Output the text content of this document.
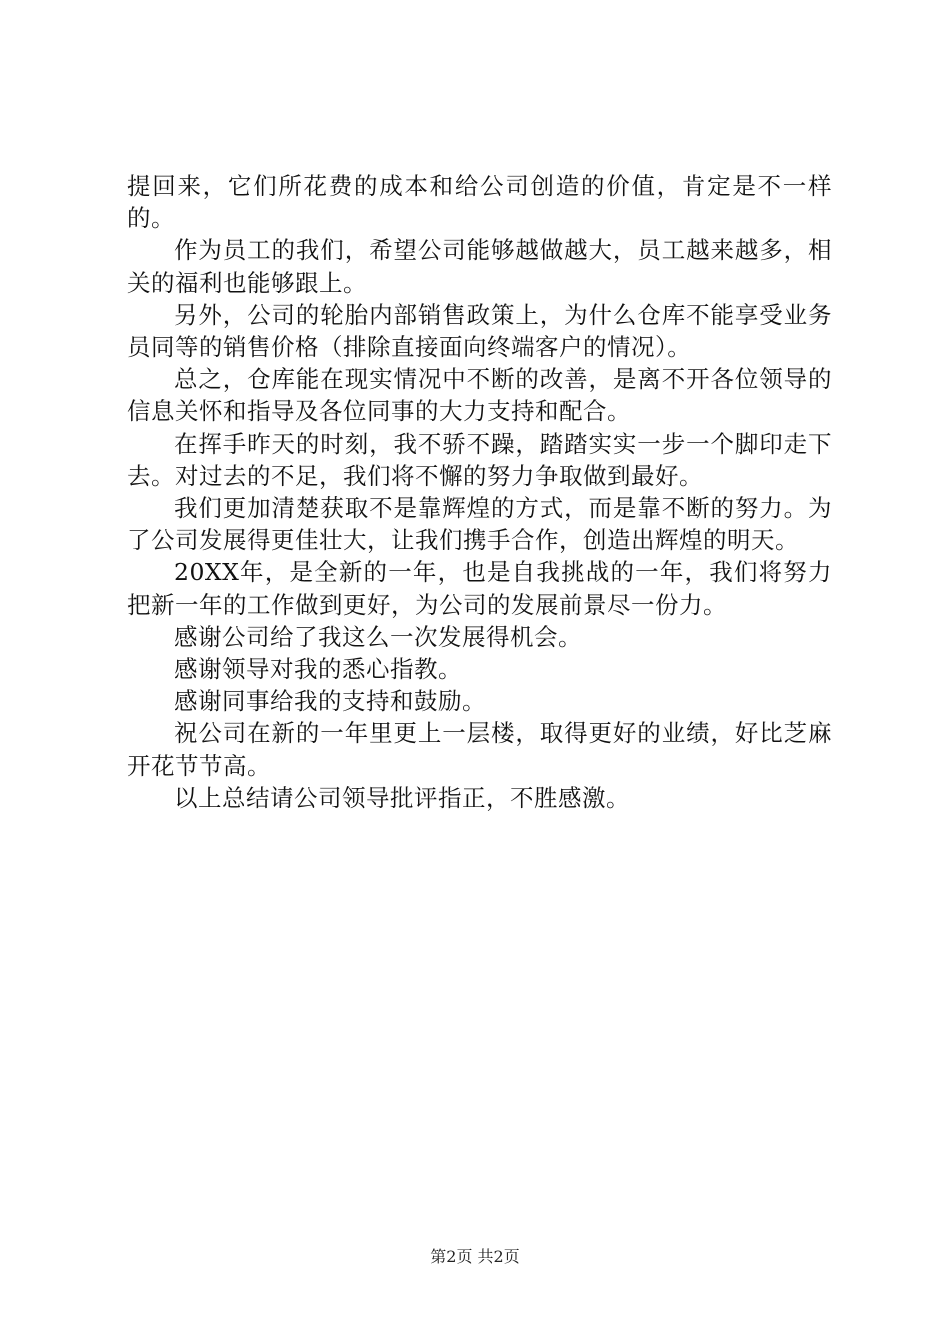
提回来，它们所花费的成本和给公司创造的价值，肯定是不一样的。

作为员工的我们，希望公司能够越做越大，员工越来越多，相关的福利也能够跟上。

另外，公司的轮胎内部销售政策上，为什么仓库不能享受业务员同等的销售价格（排除直接面向终端客户的情况）。

总之，仓库能在现实情况中不断的改善，是离不开各位领导的信息关怀和指导及各位同事的大力支持和配合。

在挥手昨天的时刻，我不骄不躁，踏踏实实一步一个脚印走下去。对过去的不足，我们将不懈的努力争取做到最好。

我们更加清楚获取不是靠辉煌的方式，而是靠不断的努力。为了公司发展得更佳壮大，让我们携手合作，创造出辉煌的明天。

20XX年，是全新的一年，也是自我挑战的一年，我们将努力把新一年的工作做到更好，为公司的发展前景尽一份力。

感谢公司给了我这么一次发展得机会。

感谢领导对我的悉心指教。

感谢同事给我的支持和鼓励。

祝公司在新的一年里更上一层楼，取得更好的业绩，好比芝麻开花节节高。

以上总结请公司领导批评指正，不胜感激。

第2页 共2页
